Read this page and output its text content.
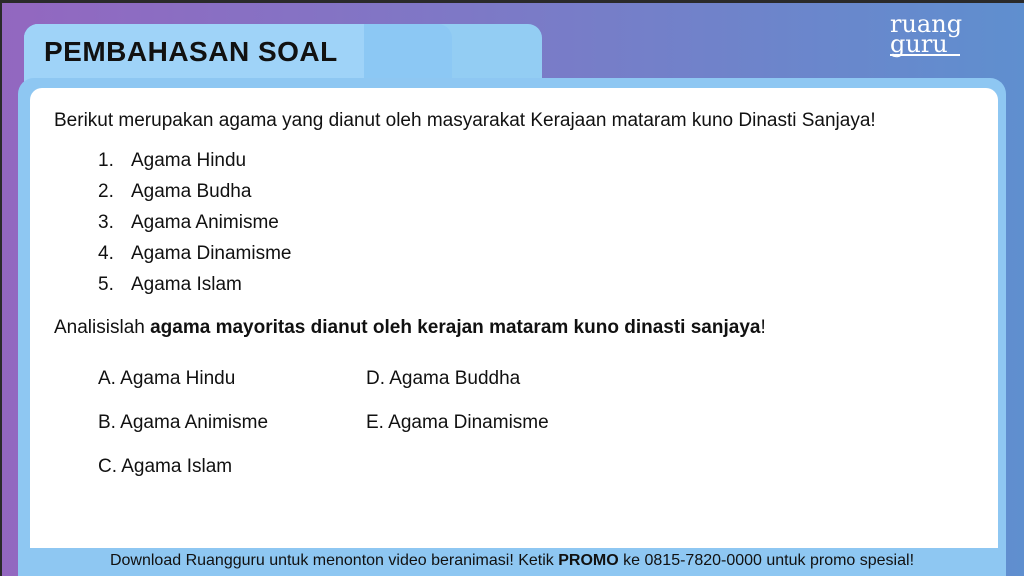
PEMBAHASAN SOAL
ruang
guru
Berikut merupakan agama yang dianut oleh masyarakat Kerajaan mataram kuno Dinasti Sanjaya!
1. Agama Hindu
2. Agama Budha
3. Agama Animisme
4. Agama Dinamisme
5. Agama Islam
Analisislah agama mayoritas dianut oleh kerajan mataram kuno dinasti sanjaya!
A. Agama Hindu
B. Agama Animisme
C. Agama Islam
D. Agama Buddha
E. Agama Dinamisme
Download Ruangguru untuk menonton video beranimasi! Ketik PROMO ke 0815-7820-0000 untuk promo spesial!
